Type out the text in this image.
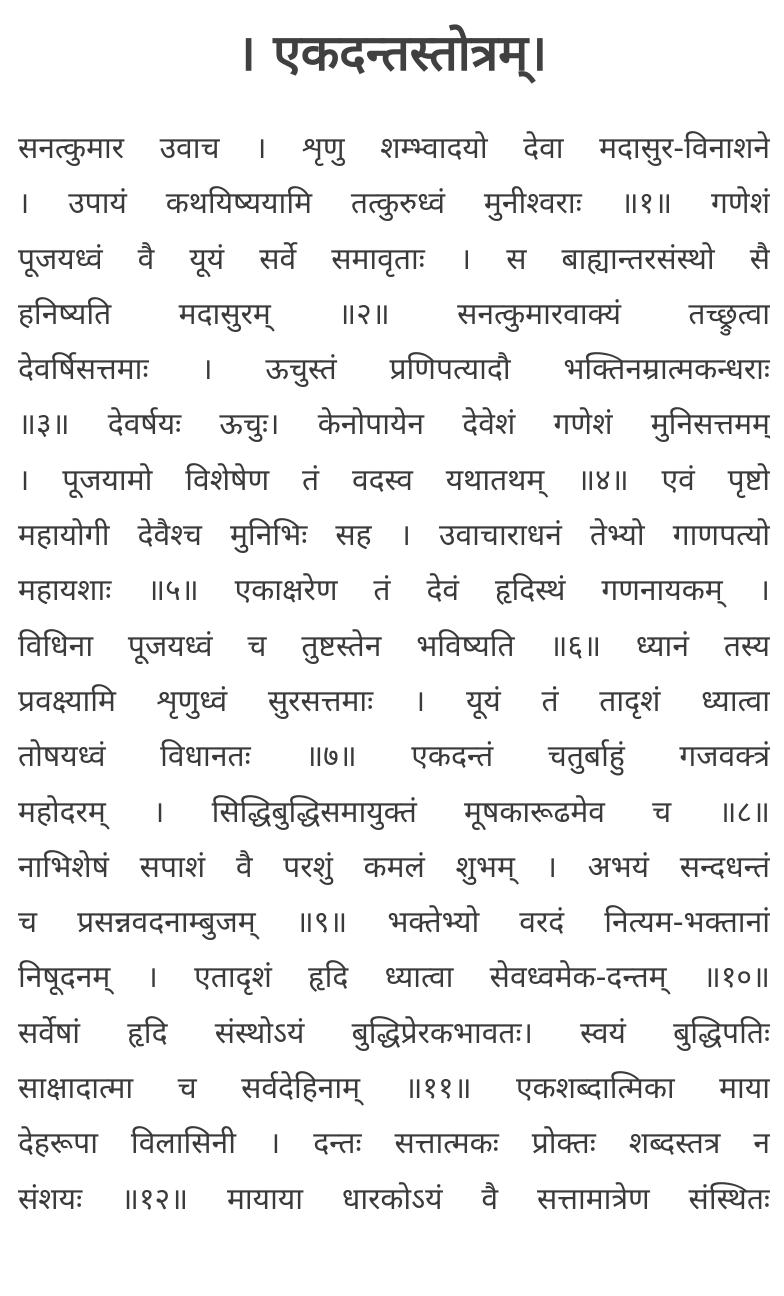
। एकदन्तस्तोत्रम्।
सनत्कुमार उवाच । शृणु शम्भ्वादयो देवा मदासुर-विनाशने
। उपायं कथयिष्ययामि तत्कुरुध्वं मुनीश्वराः ॥१॥ गणेशं
पूजयध्वं वै यूयं सर्वे समावृताः । स बाह्यान्तरसंस्थो सै
हनिष्यति मदासुरम् ॥२॥ सनत्कुमारवाक्यं तच्छ्रुत्वा
देवर्षिसत्तमाः । ऊचुस्तं प्रणिपत्यादौ भक्तिनम्रात्मकन्धराः
॥३॥ देवर्षयः ऊचुः। केनोपायेन देवेशं गणेशं मुनिसत्तमम्
। पूजयामो विशेषेण तं वदस्व यथातथम् ॥४॥ एवं पृष्टो
महायोगी देवैश्च मुनिभिः सह । उवाचाराधनं तेभ्यो गाणपत्यो
महायशाः ॥५॥ एकाक्षरेण तं देवं हृदिस्थं गणनायकम् ।
विधिना पूजयध्वं च तुष्टस्तेन भविष्यति ॥६॥ ध्यानं तस्य
प्रवक्ष्यामि शृणुध्वं सुरसत्तमाः । यूयं तं तादृशं ध्यात्वा
तोषयध्वं विधानतः ॥७॥ एकदन्तं चतुर्बाहुं गजवक्त्रं
महोदरम् । सिद्धिबुद्धिसमायुक्तं मूषकारूढमेव च ॥८॥
नाभिशेषं सपाशं वै परशुं कमलं शुभम् । अभयं सन्दधन्तं
च प्रसन्नवदनाम्बुजम् ॥९॥ भक्तेभ्यो वरदं नित्यम-भक्तानां
निषूदनम् । एतादृशं हृदि ध्यात्वा सेवध्वमेक-दन्तम् ॥१०॥
सर्वेषां हृदि संस्थोऽयं बुद्धिप्रेरकभावतः। स्वयं बुद्धिपतिः
साक्षादात्मा च सर्वदेहिनाम् ॥११॥ एकशब्दात्मिका माया
देहरूपा विलासिनी । दन्तः सत्तात्मकः प्रोक्तः शब्दस्तत्र न
संशयः ॥१२॥ मायाया धारकोऽयं वै सत्तामात्रेण संस्थितः
